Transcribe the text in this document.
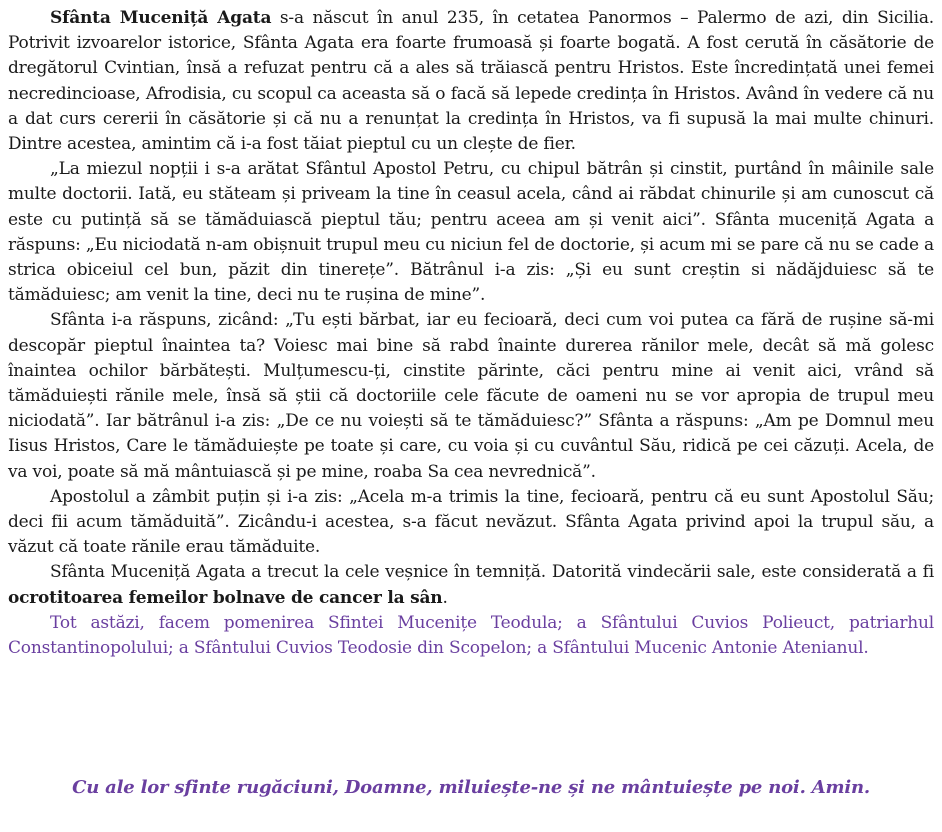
Sfânta Muceniță Agata s-a născut în anul 235, în cetatea Panormos – Palermo de azi, din Sicilia. Potrivit izvoarelor istorice, Sfânta Agata era foarte frumoasă și foarte bogată. A fost cerută în căsătorie de dregătorul Cvintian, însă a refuzat pentru că a ales să trăiască pentru Hristos. Este încredințată unei femei necredincioase, Afrodisia, cu scopul ca aceasta să o facă să lepede credința în Hristos. Având în vedere că nu a dat curs cererii în căsătorie și că nu a renunțat la credința în Hristos, va fi supusă la mai multe chinuri. Dintre acestea, amintim că i-a fost tăiat pieptul cu un clește de fier.

„La miezul nopții i s-a arătat Sfântul Apostol Petru, cu chipul bătrân și cinstit, purtând în mâinile sale multe doctorii. Iată, eu stăteam și priveam la tine în ceasul acela, când ai răbdat chinurile și am cunoscut că este cu putință să se tămăduiască pieptul tău; pentru aceea am și venit aici”. Sfânta muceniță Agata a răspuns: „Eu niciodată n-am obișnuit trupul meu cu niciun fel de doctorie, și acum mi se pare că nu se cade a strica obiceiul cel bun, păzit din tinerețe”. Bătrânul i-a zis: „Și eu sunt creștin si nădăjduiesc să te tămăduiesc; am venit la tine, deci nu te rușina de mine”.

Sfânta i-a răspuns, zicând: „Tu ești bărbat, iar eu fecioară, deci cum voi putea ca fără de rușine să-mi descopăr pieptul înaintea ta? Voiesc mai bine să rabd înainte durerea rănilor mele, decât să mă golesc înaintea ochilor bărbătești. Mulțumescu-ți, cinstite părinte, căci pentru mine ai venit aici, vrând să tămăduiești rănile mele, însă să știi că doctoriile cele făcute de oameni nu se vor apropia de trupul meu niciodată”. Iar bătrânul i-a zis: „De ce nu voiești să te tămăduiesc?” Sfânta a răspuns: „Am pe Domnul meu Iisus Hristos, Care le tămăduiește pe toate și care, cu voia și cu cuvântul Său, ridică pe cei căzuți. Acela, de va voi, poate să mă mântuiască și pe mine, roaba Sa cea nevrednică”.

Apostolul a zâmbit puțin și i-a zis: „Acela m-a trimis la tine, fecioară, pentru că eu sunt Apostolul Său; deci fii acum tămăduită”. Zicându-i acestea, s-a făcut nevăzut. Sfânta Agata privind apoi la trupul său, a văzut că toate rănile erau tămăduite.

Sfânta Muceniță Agata a trecut la cele veșnice în temniță. Datorită vindecării sale, este considerată a fi ocrotitoarea femeilor bolnave de cancer la sân.

Tot astăzi, facem pomenirea Sfintei Mucenițe Teodula; a Sfântului Cuvios Polieuct, patriarhul Constantinopolului; a Sfântului Cuvios Teodosie din Scopelon; a Sfântului Mucenic Antonie Atenianul.

Cu ale lor sfinte rugăciuni, Doamne, miluiește-ne și ne mântuiește pe noi. Amin.
